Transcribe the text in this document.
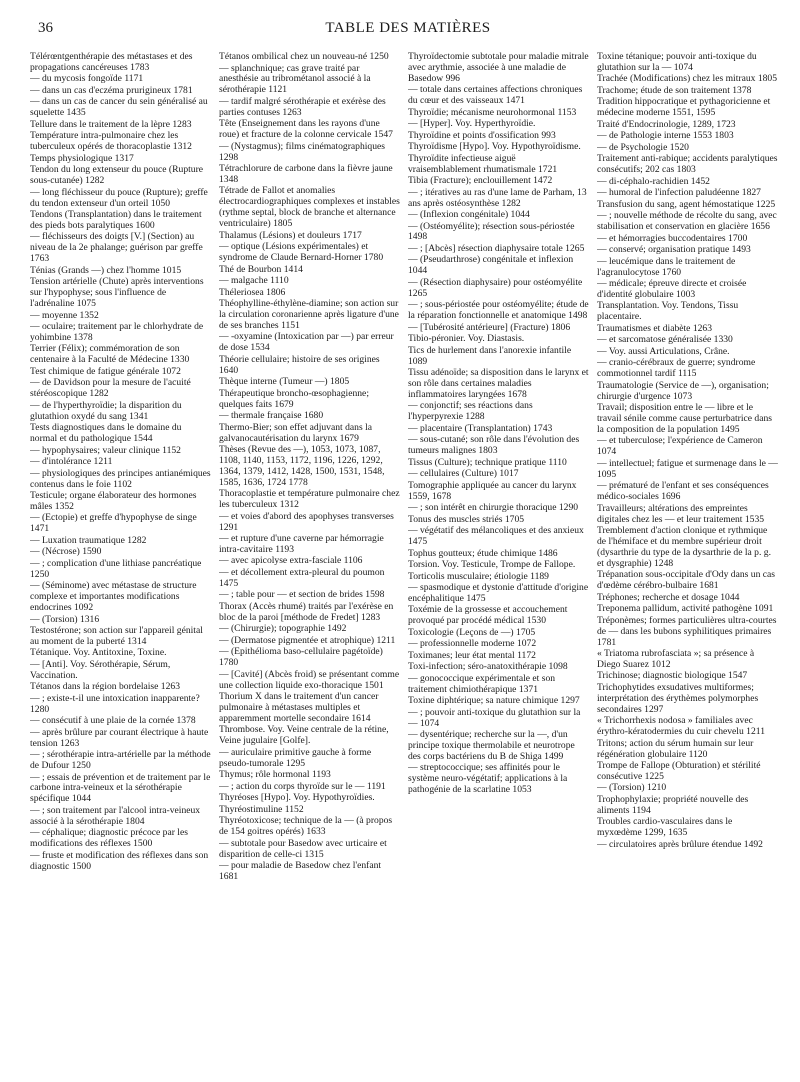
36	TABLE DES MATIÈRES

Télérœntgenthérapie des métastases et des propagations cancéreuses 1783

— du mycosis fongoïde 1171

— dans un cas d'eczéma prurigineux 1781

— dans un cas de cancer du sein généralisé au squelette 1435

Tellure dans le traitement de la lèpre 1283

Température intra-pulmonaire chez les tuberculeux opérés de thoracoplastie 1312

Temps physiologique 1317

Tendon du long extenseur du pouce (Rupture sous-cutanée) 1282

— long fléchisseur du pouce (Rupture); greffe du tendon extenseur d'un orteil 1050

Tendons (Transplantation) dans le traitement des pieds bots paralytiques 1600

— fléchisseurs des doigts [V.] (Section) au niveau de la 2e phalange; guérison par greffe 1763

Ténias (Grands —) chez l'homme 1015

Tension artérielle (Chute) après interventions sur l'hypophyse; sous l'influence de l'adrénaline 1075

— moyenne 1352

— oculaire; traitement par le chlorhydrate de yohimbine 1378

Terrier (Félix); commémoration de son centenaire à la Faculté de Médecine 1330

Test chimique de fatigue générale 1072

— de Davidson pour la mesure de l'acuité stéréoscopique 1282

— de l'hyperthyroïdie; la disparition du glutathion oxydé du sang 1341

Tests diagnostiques dans le domaine du normal et du pathologique 1544

— hypophysaires; valeur clinique 1152

— d'intolérance 1211

— physiologiques des principes antianémiques contenus dans le foie 1102

Testicule; organe élaborateur des hormones mâles 1352

— (Ectopie) et greffe d'hypophyse de singe 1471

— Luxation traumatique 1282

— (Nécrose) 1590

— ; complication d'une lithiase pancréatique 1250

— (Séminome) avec métastase de structure complexe et importantes modifications endocrines 1092

— (Torsion) 1316

Testostérone; son action sur l'appareil génital au moment de la puberté 1314

Tétanique. Voy. Antitoxine, Toxine.

— [Anti]. Voy. Sérothérapie, Sérum, Vaccination.

Tétanos dans la région bordelaise 1263

— ; existe-t-il une intoxication inapparente? 1280

— consécutif à une plaie de la cornée 1378

— après brûlure par courant électrique à haute tension 1263

— ; sérothérapie intra-artérielle par la méthode de Dufour 1250

— ; essais de prévention et de traitement par le carbone intra-veineux et la sérothérapie spécifique 1044

— ; son traitement par l'alcool intra-veineux associé à la sérothérapie 1804

— céphalique; diagnostic précoce par les modifications des réflexes 1500

— fruste et modification des réflexes dans son diagnostic 1500

Tétanos ombilical chez un nouveau-né 1250

— splanchnique; cas grave traité par anesthésie au tribrométanol associé à la sérothérapie 1121

— tardif malgré sérothérapie et exérèse des parties contuses 1263

Tête (Enseignement dans les rayons d'une roue) et fracture de la colonne cervicale 1547

— (Nystagmus); films cinématographiques 1298

Tétrachlorure de carbone dans la fièvre jaune 1348

Tétrade de Fallot et anomalies électrocardiographiques complexes et instables (rythme septal, block de branche et alternance ventriculaire) 1805

Thalamus (Lésions) et douleurs 1717

— optique (Lésions expérimentales) et syndrome de Claude Bernard-Horner 1780

Thé de Bourbon 1414

— malgache 1110

Théleriosea 1806

Théophylline-éthylène-diamine; son action sur la circulation coronarienne après ligature d'une de ses branches 1151

— -oxyamine (Intoxication par —) par erreur de dose 1534

Théorie cellulaire; histoire de ses origines 1640

Thèque interne (Tumeur —) 1805

Thérapeutique broncho-œsophagienne; quelques faits 1679

— thermale française 1680

Thermo-Bier; son effet adjuvant dans la galvanocautérisation du larynx 1679

Thèses (Revue des —), 1053, 1073, 1087, 1108, 1140, 1153, 1172, 1196, 1226, 1292, 1364, 1379, 1412, 1428, 1500, 1531, 1548, 1585, 1636, 1724 1778

Thoracoplastie et température pulmonaire chez les tuberculeux 1312

— et voies d'abord des apophyses transverses 1291

— et rupture d'une caverne par hémorragie intra-cavitaire 1193

— avec apicolyse extra-fasciale 1106

— et décollement extra-pleural du poumon 1475

— ; table pour — et section de brides 1598

Thorax (Accès rhumé) traités par l'exérèse en bloc de la paroi [méthode de Fredet] 1283

— (Chirurgie); topographie 1492

— (Dermatose pigmentée et atrophique) 1211

— (Epithélioma baso-cellulaire pagétoïde) 1780

— [Cavité] (Abcès froid) se présentant comme une collection liquide exo-thoracique 1501

Thorium X dans le traitement d'un cancer pulmonaire à métastases multiples et apparemment mortelle secondaire 1614

Thrombose. Voy. Veine centrale de la rétine, Veine jugulaire [Golfe].

— auriculaire primitive gauche à forme pseudo-tumorale 1295

Thymus; rôle hormonal 1193

— ; action du corps thyroïde sur le — 1191

Thyréoses [Hypo]. Voy. Hypothyroïdies.

Thyréostimuline 1152

Thyréotoxicose; technique de la — (à propos de 154 goitres opérés) 1633

— subtotale pour Basedow avec urticaire et disparition de celle-ci 1315

— pour maladie de Basedow chez l'enfant 1681

Thyroïdectomie subtotale pour maladie mitrale avec arythmie, associée à une maladie de Basedow 996

— totale dans certaines affections chroniques du cœur et des vaisseaux 1471

Thyroïdie; mécanisme neurohormonal 1153

— [Hyper]. Voy. Hyperthyroïdie.

Thyroïdine et points d'ossification 993

Thyroïdisme [Hypo]. Voy. Hypothyroïdisme.

Thyroïdite infectieuse aiguë vraisemblablement rhumatismale 1721

Tibia (Fracture); enclouillement 1472

— ; itératives au ras d'une lame de Parham, 13 ans après ostéosynthèse 1282

— (Inflexion congénitale) 1044

— (Ostéomyélite); résection sous-périostée 1498

— ; [Abcès] résection diaphysaire totale 1265

— (Pseudarthrose) congénitale et inflexion 1044

— (Résection diaphysaire) pour ostéomyélite 1265

— ; sous-périostée pour ostéomyélite; étude de la réparation fonctionnelle et anatomique 1498

— [Tubérosité antérieure] (Fracture) 1806

Tibio-péronier. Voy. Diastasis.

Tics de hurlement dans l'anorexie infantile 1089

Tissu adénoïde; sa disposition dans le larynx et son rôle dans certaines maladies inflammatoires laryngées 1678

— conjonctif; ses réactions dans l'hyperpyrexie 1288

— placentaire (Transplantation) 1743

— sous-cutané; son rôle dans l'évolution des tumeurs malignes 1803

Tissus (Culture); technique pratique 1110

— cellulaires (Culture) 1017

Tomographie appliquée au cancer du larynx 1559, 1678

— ; son intérêt en chirurgie thoracique 1290

Tonus des muscles striés 1705

— végétatif des mélancoliques et des anxieux 1475

Tophus goutteux; étude chimique 1486

Torsion. Voy. Testicule, Trompe de Fallope.

Torticolis musculaire; étiologie 1189

— spasmodique et dystonie d'attitude d'origine encéphalitique 1475

Toxémie de la grossesse et accouchement provoqué par procédé médical 1530

Toxicologie (Leçons de —) 1705

— professionnelle moderne 1072

Toximanes; leur état mental 1172

Toxi-infection; séro-anatoxithérapie 1098

— gonococcique expérimentale et son traitement chimiothérapique 1371

Toxine diphtérique; sa nature chimique 1297

— ; pouvoir anti-toxique du glutathion sur la — 1074

— dysentérique; recherche sur la —, d'un principe toxique thermolabile et neurotrope des corps bactériens du B de Shiga 1499

— streptococcique; ses affinités pour le système neuro-végétatif; applications à la pathogénie de la scarlatine 1053

Toxine tétanique; pouvoir anti-toxique du glutathion sur la — 1074

Trachée (Modifications) chez les mitraux 1805

Trachome; étude de son traitement 1378

Tradition hippocratique et pythagoricienne et médecine moderne 1551, 1595

Traité d'Endocrinologie, 1289, 1723

— de Pathologie interne 1553 1803

— de Psychologie 1520

Traitement anti-rabique; accidents paralytiques consécutifs; 202 cas 1803

— di-céphalo-rachidien 1452

— humoral de l'infection paludéenne 1827

Transfusion du sang, agent hémostatique 1225

— ; nouvelle méthode de récolte du sang, avec stabilisation et conservation en glacière 1656

— et hémorragies buccodentaires 1700

— conservé; organisation pratique 1493

— leucémique dans le traitement de l'agranulocytose 1760

— médicale; épreuve directe et croisée d'identité globulaire 1003

Transplantation. Voy. Tendons, Tissu placentaire.

Traumatismes et diabète 1263

— et sarcomatose généralisée 1330

— Voy. aussi Articulations, Crâne.

— cranio-cérébraux de guerre; syndrome commotionnel tardif 1115

Traumatologie (Service de —), organisation; chirurgie d'urgence 1073

Travail; disposition entre le — libre et le travail sénile comme cause perturbatrice dans la composition de la population 1495

— et tuberculose; l'expérience de Cameron 1074

— intellectuel; fatigue et surmenage dans le — 1095

— prématuré de l'enfant et ses conséquences médico-sociales 1696

Travailleurs; altérations des empreintes digitales chez les — et leur traitement 1535

Tremblement d'action clonique et rythmique de l'hémiface et du membre supérieur droit (dysarthrie du type de la dysarthrie de la p. g. et dysgraphie) 1248

Trépanation sous-occipitale d'Ody dans un cas d'œdème cérébro-bulbaire 1681

Tréphones; recherche et dosage 1044

Treponema pallidum, activité pathogène 1091

Tréponèmes; formes particulières ultra-courtes de — dans les bubons syphilitiques primaires 1781

« Triatoma rubrofasciata »; sa présence à Diego Suarez 1012

Trichinose; diagnostic biologique 1547

Trichophytides exsudatives multiformes; interprétation des érythèmes polymorphes secondaires 1297

« Trichorrhexis nodosa » familiales avec érythro-kératodermies du cuir chevelu 1211

Tritons; action du sérum humain sur leur régénération globulaire 1120

Trompe de Fallope (Obturation) et stérilité consécutive 1225

— (Torsion) 1210

Trophophylaxie; propriété nouvelle des aliments 1194

Troubles cardio-vasculaires dans le myxœdème 1299, 1635

— circulatoires après brûlure étendue 1492
